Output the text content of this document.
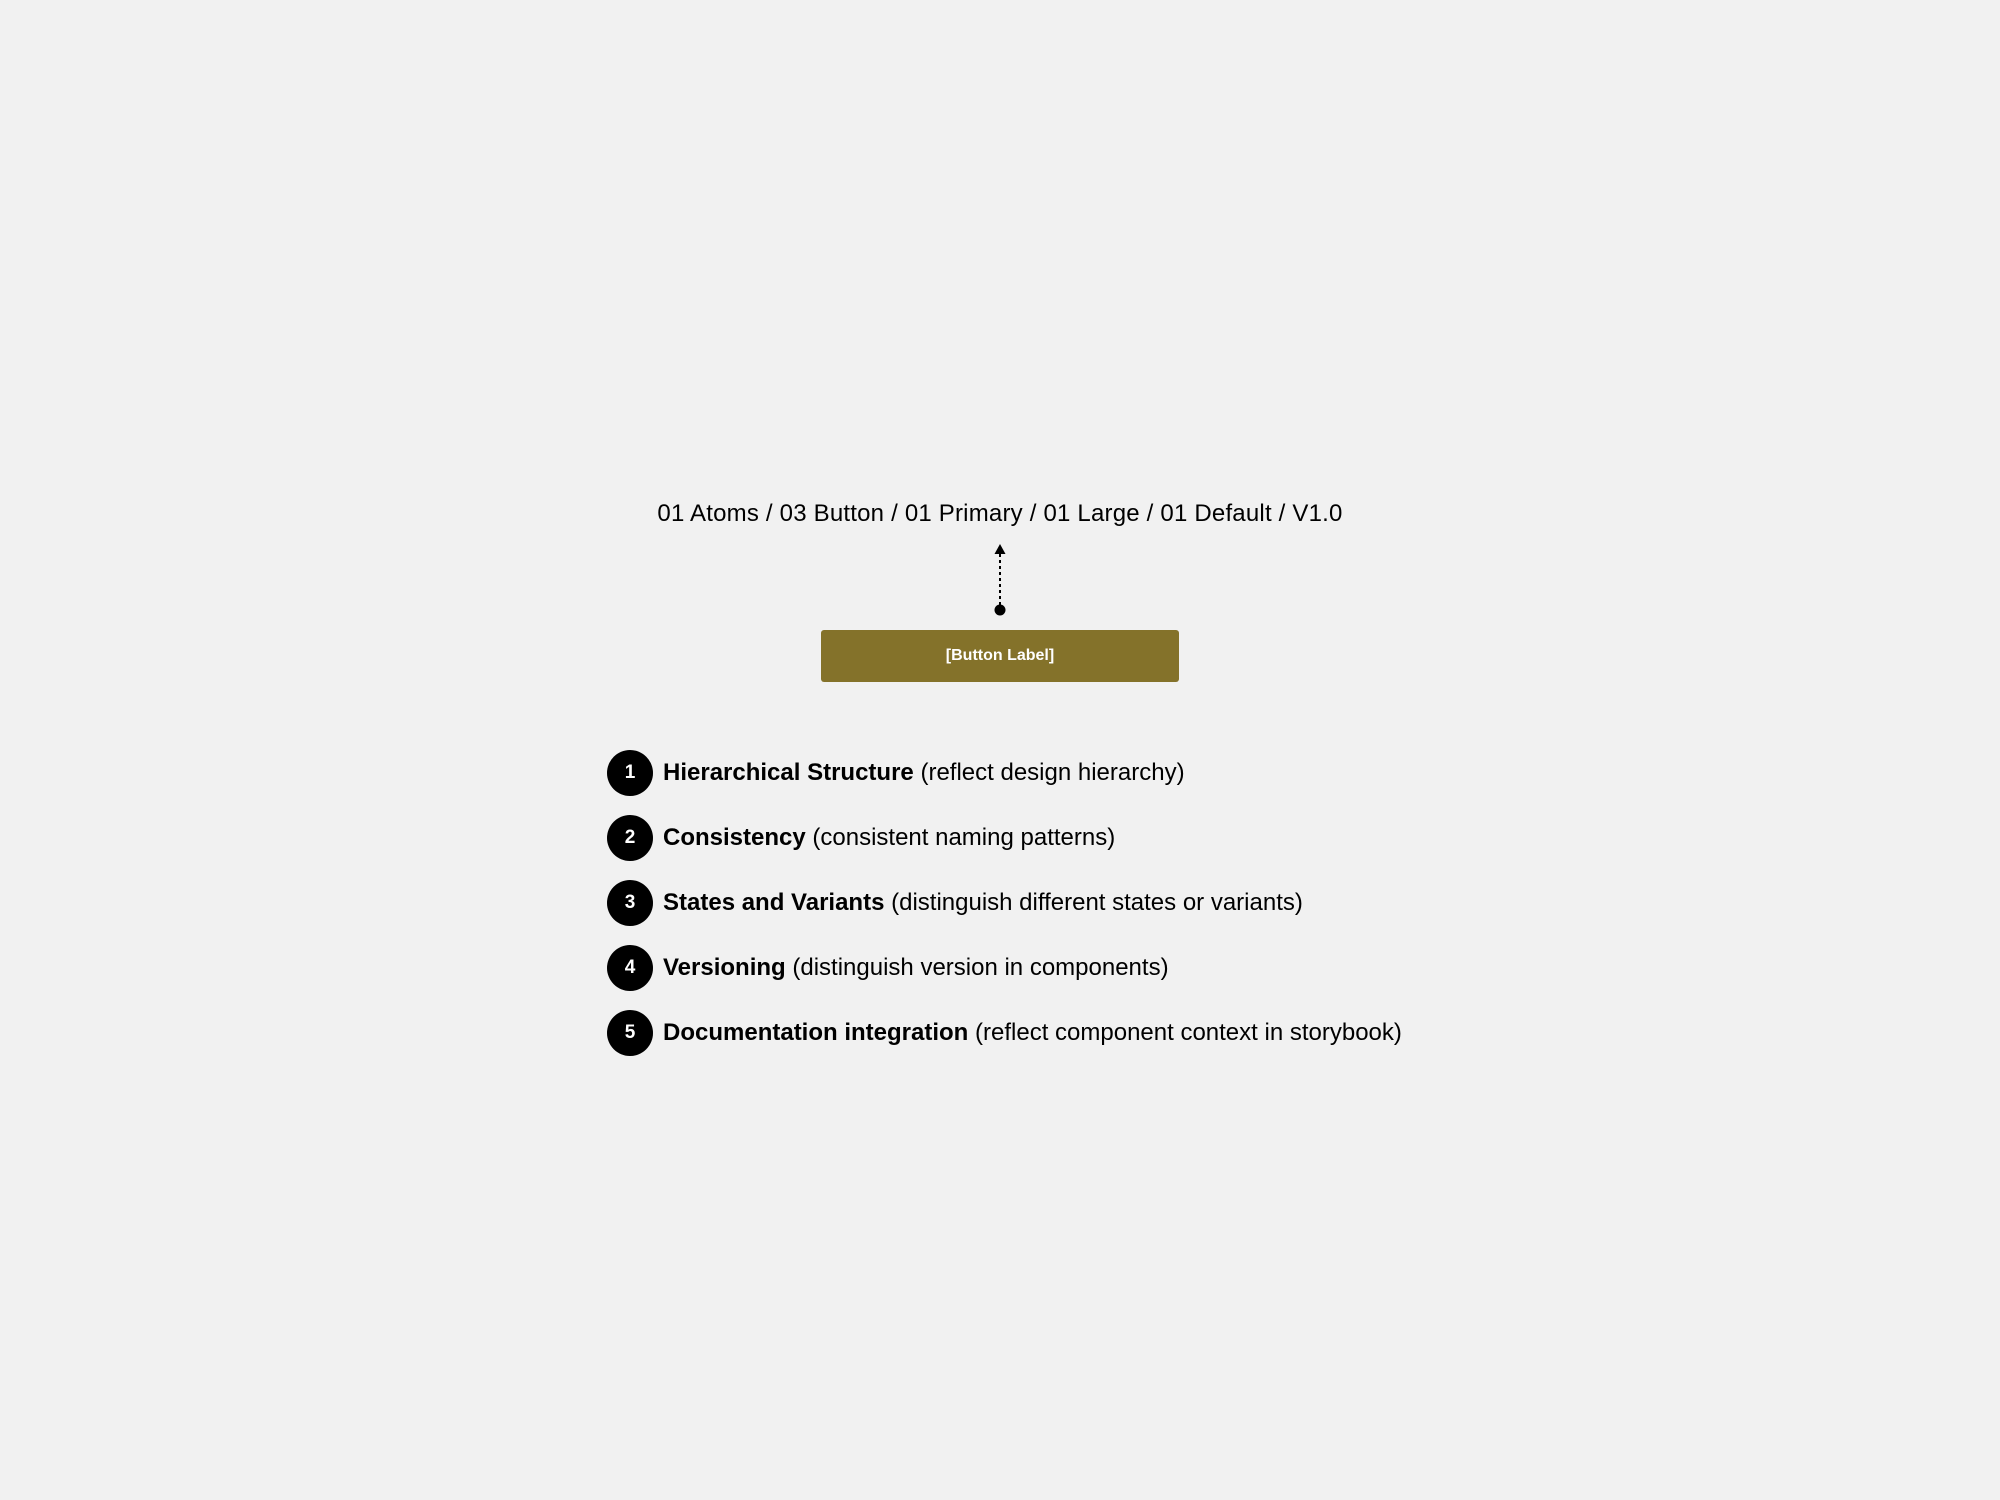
01 Atoms / 03 Button / 01 Primary / 01 Large / 01 Default / V1.0
[Button Label]
1	Hierarchical Structure (reflect design hierarchy)
2	Consistency (consistent naming patterns)
3	States and Variants (distinguish different states or variants)
4	Versioning (distinguish version in components)
5	Documentation integration (reflect component context in storybook)
